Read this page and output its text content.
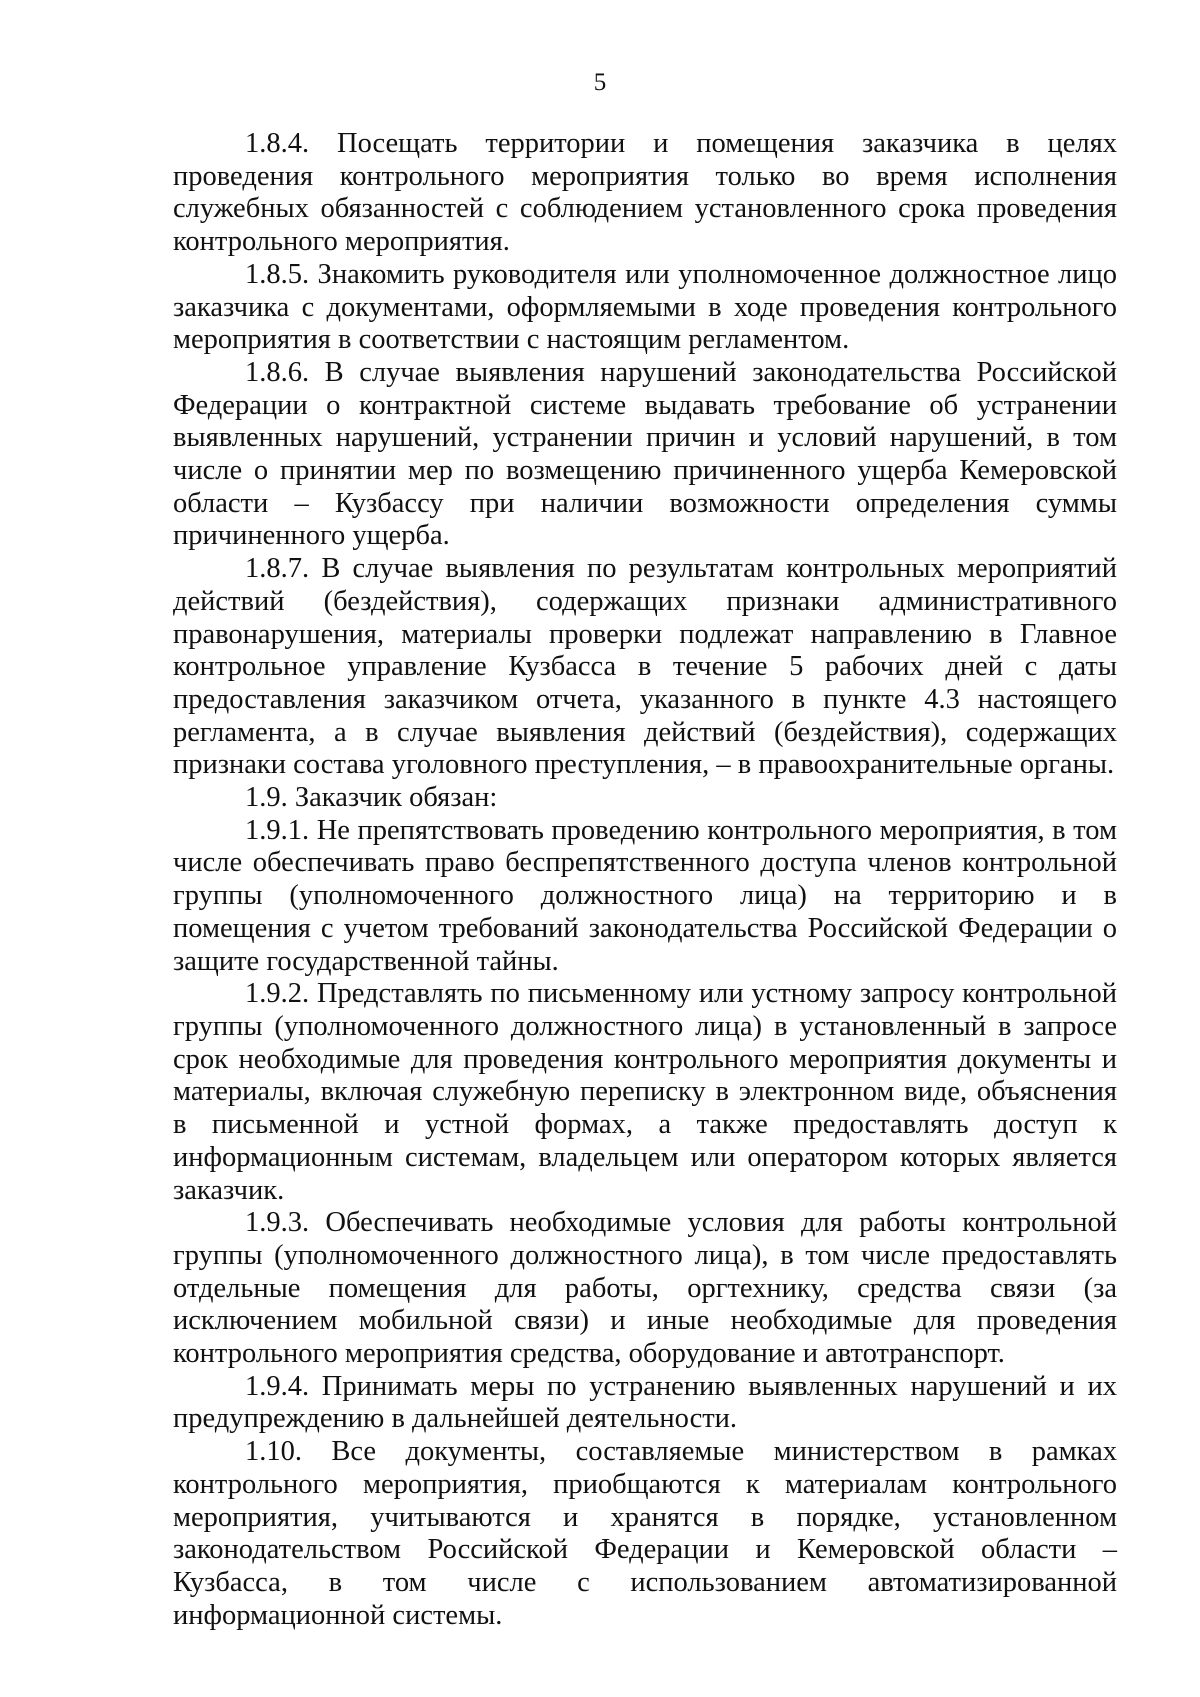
5

1.8.4. Посещать территории и помещения заказчика в целях проведения контрольного мероприятия только во время исполнения служебных обязанностей с соблюдением установленного срока проведения контрольного мероприятия.

1.8.5. Знакомить руководителя или уполномоченное должностное лицо заказчика с документами, оформляемыми в ходе проведения контрольного мероприятия в соответствии с настоящим регламентом.

1.8.6. В случае выявления нарушений законодательства Российской Федерации о контрактной системе выдавать требование об устранении выявленных нарушений, устранении причин и условий нарушений, в том числе о принятии мер по возмещению причиненного ущерба Кемеровской области – Кузбассу при наличии возможности определения суммы причиненного ущерба.

1.8.7. В случае выявления по результатам контрольных мероприятий действий (бездействия), содержащих признаки административного правонарушения, материалы проверки подлежат направлению в Главное контрольное управление Кузбасса в течение 5 рабочих дней с даты предоставления заказчиком отчета, указанного в пункте 4.3 настоящего регламента, а в случае выявления действий (бездействия), содержащих признаки состава уголовного преступления, – в правоохранительные органы.

1.9. Заказчик обязан:

1.9.1. Не препятствовать проведению контрольного мероприятия, в том числе обеспечивать право беспрепятственного доступа членов контрольной группы (уполномоченного должностного лица) на территорию и в помещения с учетом требований законодательства Российской Федерации о защите государственной тайны.

1.9.2. Представлять по письменному или устному запросу контрольной группы (уполномоченного должностного лица) в установленный в запросе срок необходимые для проведения контрольного мероприятия документы и материалы, включая служебную переписку в электронном виде, объяснения в письменной и устной формах, а также предоставлять доступ к информационным системам, владельцем или оператором которых является заказчик.

1.9.3. Обеспечивать необходимые условия для работы контрольной группы (уполномоченного должностного лица), в том числе предоставлять отдельные помещения для работы, оргтехнику, средства связи (за исключением мобильной связи) и иные необходимые для проведения контрольного мероприятия средства, оборудование и автотранспорт.

1.9.4. Принимать меры по устранению выявленных нарушений и их предупреждению в дальнейшей деятельности.

1.10. Все документы, составляемые министерством в рамках контрольного мероприятия, приобщаются к материалам контрольного мероприятия, учитываются и хранятся в порядке, установленном законодательством Российской Федерации и Кемеровской области – Кузбасса, в том числе с использованием автоматизированной информационной системы.
